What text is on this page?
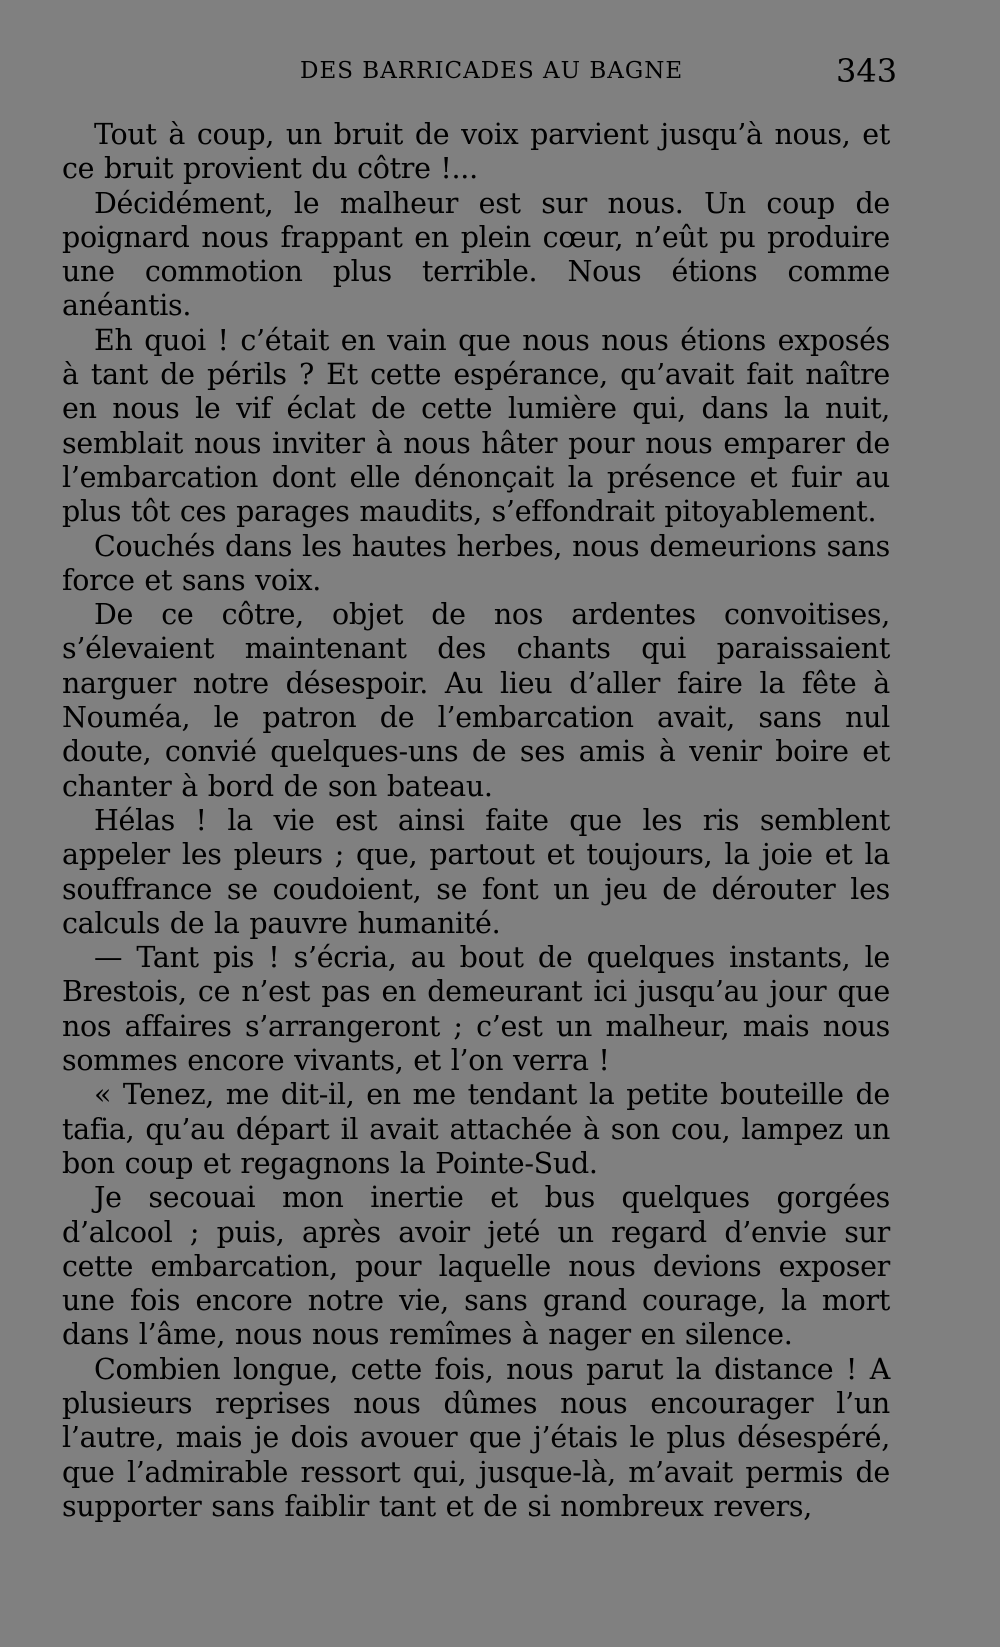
DES BARRICADES AU BAGNE	343

Tout à coup, un bruit de voix parvient jusqu’à nous, et ce bruit provient du côtre !...

Décidément, le malheur est sur nous. Un coup de poignard nous frappant en plein cœur, n’eût pu produire une commotion plus terrible. Nous étions comme anéantis.

Eh quoi ! c’était en vain que nous nous étions exposés à tant de périls ? Et cette espérance, qu’avait fait naître en nous le vif éclat de cette lumière qui, dans la nuit, semblait nous inviter à nous hâter pour nous emparer de l’embarcation dont elle dénonçait la présence et fuir au plus tôt ces parages maudits, s’effondrait pitoyablement.

Couchés dans les hautes herbes, nous demeurions sans force et sans voix.

De ce côtre, objet de nos ardentes convoitises, s’élevaient maintenant des chants qui paraissaient narguer notre désespoir. Au lieu d’aller faire la fête à Nouméa, le patron de l’embarcation avait, sans nul doute, convié quelques-uns de ses amis à venir boire et chanter à bord de son bateau.

Hélas ! la vie est ainsi faite que les ris semblent appeler les pleurs ; que, partout et toujours, la joie et la souffrance se coudoient, se font un jeu de dérouter les calculs de la pauvre humanité.

— Tant pis ! s’écria, au bout de quelques instants, le Brestois, ce n’est pas en demeurant ici jusqu’au jour que nos affaires s’arrangeront ; c’est un malheur, mais nous sommes encore vivants, et l’on verra !

« Tenez, me dit-il, en me tendant la petite bouteille de tafia, qu’au départ il avait attachée à son cou, lampez un bon coup et regagnons la Pointe-Sud.

Je secouai mon inertie et bus quelques gorgées d’alcool ; puis, après avoir jeté un regard d’envie sur cette embarcation, pour laquelle nous devions exposer une fois encore notre vie, sans grand courage, la mort dans l’âme, nous nous remîmes à nager en silence.

Combien longue, cette fois, nous parut la distance ! A plusieurs reprises nous dûmes nous encourager l’un l’autre, mais je dois avouer que j’étais le plus désespéré, que l’admirable ressort qui, jusque-là, m’avait permis de supporter sans faiblir tant et de si nombreux revers,
